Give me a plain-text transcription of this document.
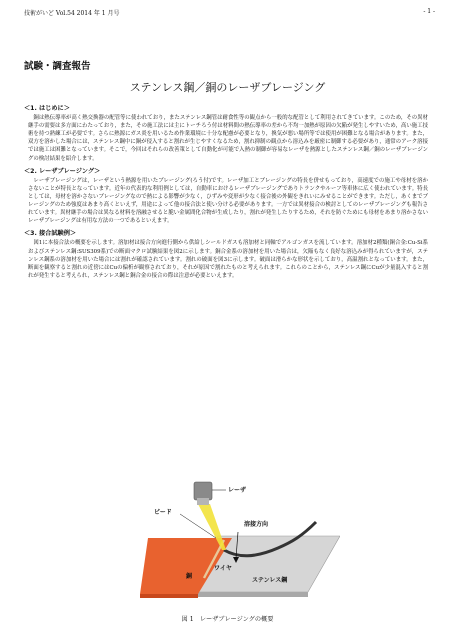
技術がいど Vol.54 2014 年 1 月号	- 1 -
試験・調査報告
ステンレス鋼／銅のレーザブレージング
＜1. はじめに＞

銅は熱伝導率が高く熱交換器の配管等に使われており，またステンレス鋼管は耐食性等の観点から一般的な配管として利用されてきています。このため，その異材継手の需要は多方面にわたっており，また，その施工法には主にトーチろう付は材料間の熱伝導率の差から不均一加熱が原因の欠陥が発生しやすいため，高い施工技術を持つ熟練工が必要です。さらに熱源にガス炎を用いるため作業環境に十分な配慮が必要となり，換気が悪い場所等では使用が困難となる場合があります。また，双方を溶かした場合には，ステンレス鋼中に銅が侵入すると割れが生じやすくなるため，割れ抑制の観点から溶込みを厳密に制御する必要があり，通常のアーク溶接では施工は困難となっています。そこで，今回はそれらの改善策として自動化が可能で入熱の制御が容易なレーザを熱源としたステンレス鋼／銅のレーザブレージングの検討結果を紹介します。

＜2. レーザブレージング＞

レーザブレージングは，レーザという熱源を用いたブレージング(ろう付)です。レーザ加工とブレージングの特長を併せもっており，高速度での施工や母材を溶かさないことが特長となっています。近年の代表的な利用例としては，自動車におけるレーザブレージングでありトランクやルーフ等車体に広く使われています。特長としては，母材を溶かさないブレージングなので熱による影響が少なく，ひずみや変形が少なく接合後の外観をきれいにみせることができます。ただし，あくまでブレージングのため強度はあまり高くといえず，用途によって他の接合法と使い分ける必要があります。一方では異材接合の検討としてのレーザブレージングも報告されています。異材継手の場合は異なる材料を溶融させると脆い金属間化合物が生成したり，割れが発生したりするため，それを防ぐためにも母材をあまり溶かさないレーザブレージングは有用な方法の一つであるといえます。

＜3. 接合試験例＞

図1に本接合法の概要を示します。溶加材は接合方向進行側から供給しシールドガスも溶加材と同軸でアルゴンガスを流しています。溶加材2種類(銅合金:Cu-Si系およびステンレス鋼:SUS309系)での断面マクロ試験結果を図2に示します。銅合金系の溶加材を用いた場合は，欠陥もなく良好な溶込みが得られていますが，ステンレス鋼系の溶加材を用いた場合には割れが確認されています。割れの破面を図3に示します。破面は滑らかな形状を示しており，高温割れとなっています。また，断面を観察すると割れの近傍にはCuの偏析が観察されており，それが原因で割れたものと考えられます。これらのことから，ステンレス鋼にCuが少量混入すると割れが発生すると考えられ，ステンレス鋼と銅合金の接合の際は注意が必要といえます。

レーザ
ビード
溶接方向
ワイヤ
銅
ステンレス鋼
図 1　レーザブレージングの概要
